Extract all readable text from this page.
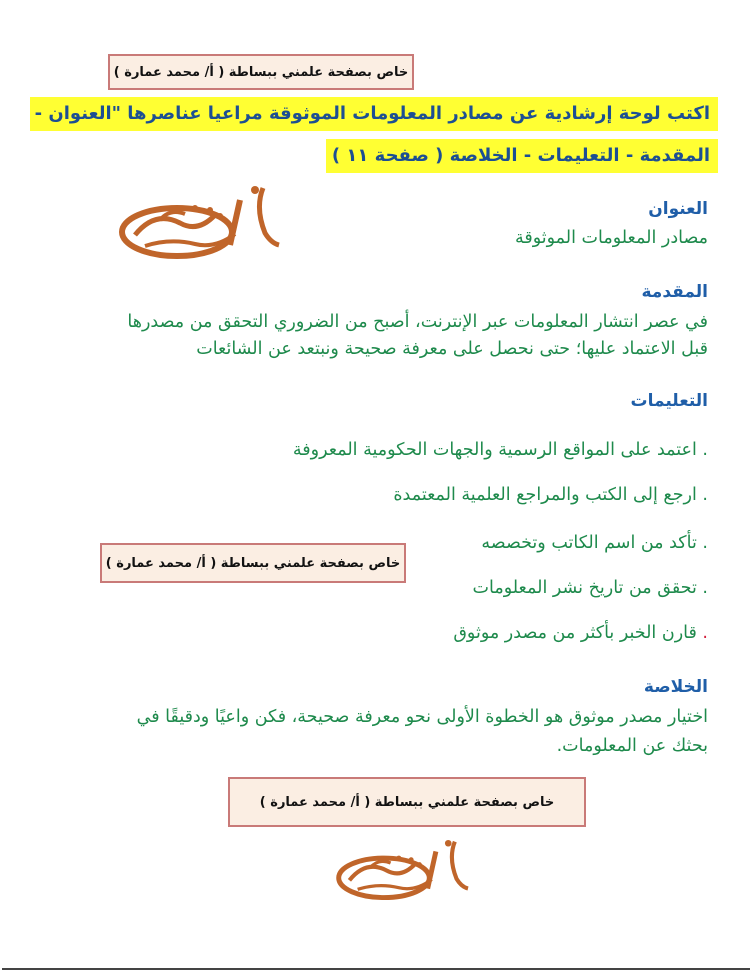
خاص بصفحة علمني ببساطة ( أ/ محمد عمارة )
اكتب لوحة إرشادية عن مصادر المعلومات الموثوقة مراعيا عناصرها "العنوان -
المقدمة - التعليمات - الخلاصة ( صفحة ١١ )
أ/ محمد عمارة
العنوان
مصادر المعلومات الموثوقة
المقدمة
في عصر انتشار المعلومات عبر الإنترنت، أصبح من الضروري التحقق من مصدرها
قبل الاعتماد عليها؛ حتى نحصل على معرفة صحيحة ونبتعد عن الشائعات
التعليمات
. اعتمد على المواقع الرسمية والجهات الحكومية المعروفة
. ارجع إلى الكتب والمراجع العلمية المعتمدة
. تأكد من اسم الكاتب وتخصصه
. تحقق من تاريخ نشر المعلومات
. قارن الخبر بأكثر من مصدر موثوق
خاص بصفحة علمني ببساطة ( أ/ محمد عمارة )
الخلاصة
اختيار مصدر موثوق هو الخطوة الأولى نحو معرفة صحيحة، فكن واعيًا ودقيقًا في
بحثك عن المعلومات.
خاص بصفحة علمني ببساطة ( أ/ محمد عمارة )
